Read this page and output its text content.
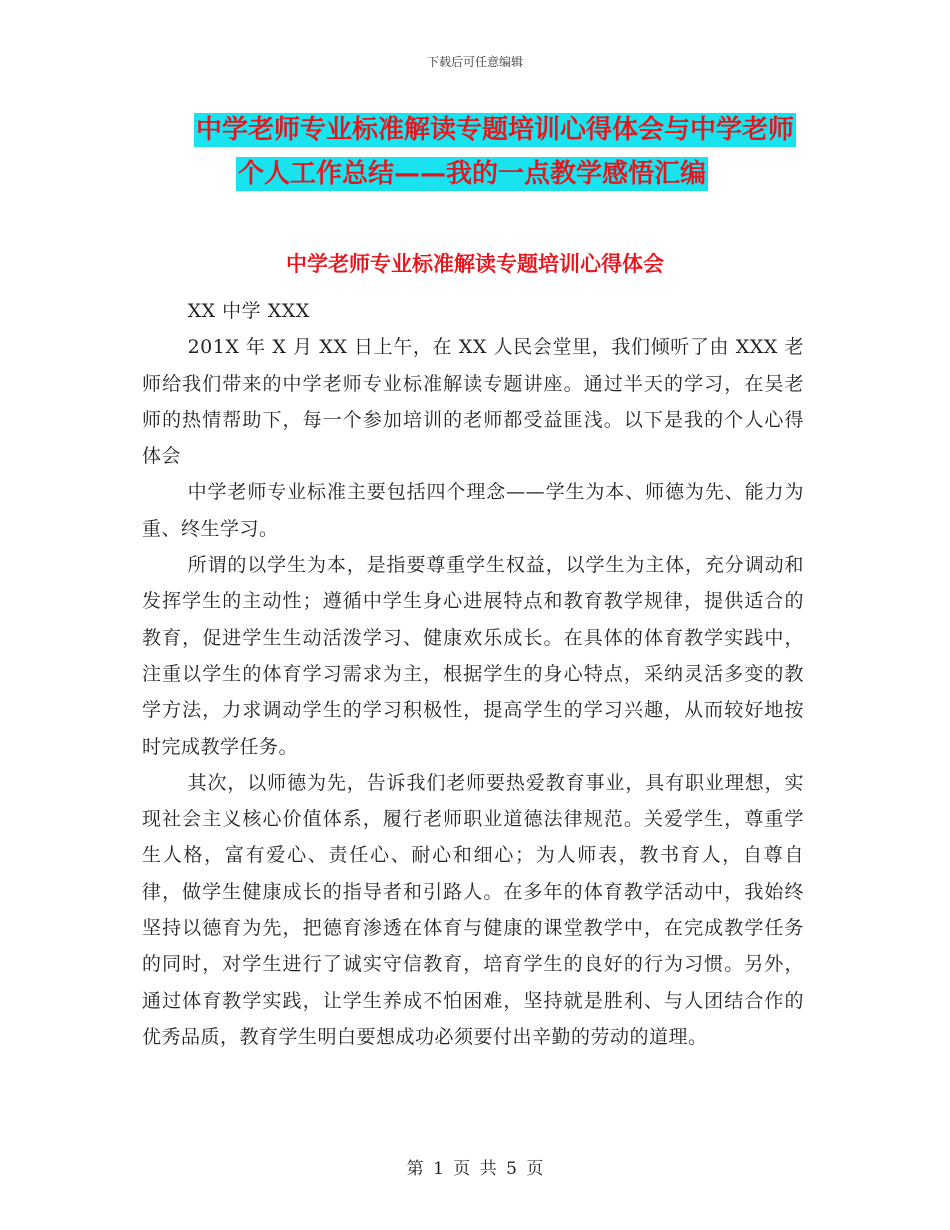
下载后可任意编辑
中学老师专业标准解读专题培训心得体会与中学老师
个人工作总结——我的一点教学感悟汇编
中学老师专业标准解读专题培训心得体会

XX 中学 XXX

201X 年 X 月 XX 日上午，在 XX 人民会堂里，我们倾听了由 XXX 老师给我们带来的中学老师专业标准解读专题讲座。通过半天的学习，在吴老师的热情帮助下，每一个参加培训的老师都受益匪浅。以下是我的个人心得体会

中学老师专业标准主要包括四个理念——学生为本、师德为先、能力为重、终生学习。

所谓的以学生为本，是指要尊重学生权益，以学生为主体，充分调动和发挥学生的主动性；遵循中学生身心进展特点和教育教学规律，提供适合的教育，促进学生生动活泼学习、健康欢乐成长。在具体的体育教学实践中，注重以学生的体育学习需求为主，根据学生的身心特点，采纳灵活多变的教学方法，力求调动学生的学习积极性，提高学生的学习兴趣，从而较好地按时完成教学任务。

其次，以师德为先，告诉我们老师要热爱教育事业，具有职业理想，实现社会主义核心价值体系，履行老师职业道德法律规范。关爱学生，尊重学生人格，富有爱心、责任心、耐心和细心；为人师表，教书育人，自尊自律，做学生健康成长的指导者和引路人。在多年的体育教学活动中，我始终坚持以德育为先，把德育渗透在体育与健康的课堂教学中，在完成教学任务的同时，对学生进行了诚实守信教育，培育学生的良好的行为习惯。另外，通过体育教学实践，让学生养成不怕困难，坚持就是胜利、与人团结合作的优秀品质，教育学生明白要想成功必须要付出辛勤的劳动的道理。

第 1 页 共 5 页
